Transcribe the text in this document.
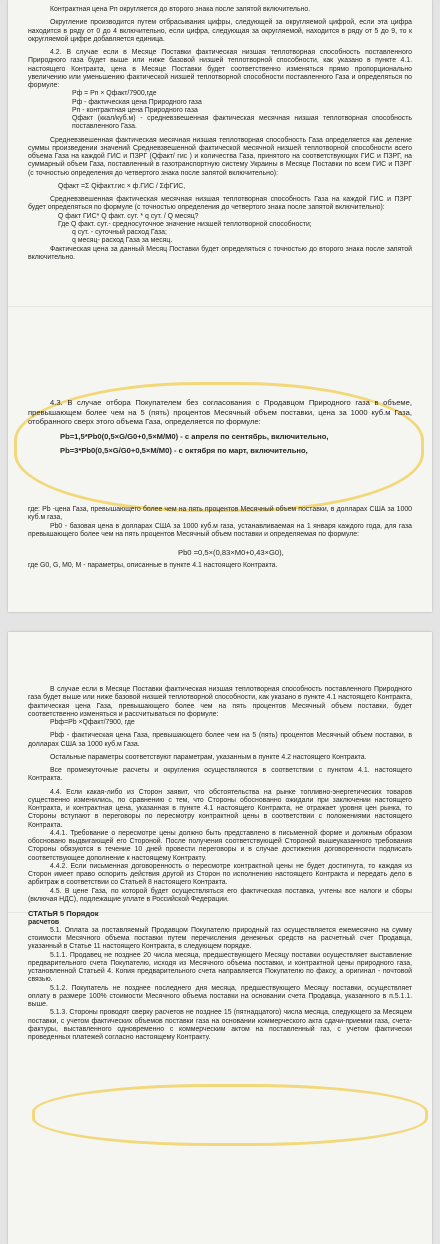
Контрактная цена Pп округляется до второго знака после запятой включительно.

Округление производится путем отбрасывания цифры, следующей за округляемой цифрой, если эта цифра находится в ряду от 0 до 4 включительно, если цифра, следующая за округляемой, находится в ряду от 5 до 9, то к округляемой цифре добавляется единица.

4.2. В случае если в Месяце Поставки фактическая низшая теплотворная способность поставленного Природного газа будет выше или ниже базовой низшей теплотворной способности, как указано в пункте 4.1. настоящего Контракта, цена в Месяце Поставки будет соответственно изменяться прямо пропорционально увеличению или уменьшению фактической низшей теплотворной способности поставленного Газа и определяться по формуле:

Pф = Pп × Qфакт/7900,где

Pф - фактическая цена Природного газа

Pп - контрактная цена Природного газа

Qфакт (ккал/куб.м) - средневзвешенная фактическая месячная низшая теплотворная способность поставленного Газа.

Средневзвешенная фактическая месячная низшая теплотворная способность Газа определяется как деление суммы произведении значений Средневзвешенной фактической месячной низшей теплотворной способности всего объема Газа на каждой ГИС и ПЗРГ (Qфакт/ гис ) и количества Газа, принятого на соответствующих ГИС и ПЗРГ, на суммарный объем Газа, поставленный в газотранспортную систему Украины в Месяце Поставки по всем ГИС и ПЗРГ (с точностью определения до четвертого знака после запятой включительно):

Qфакт =Σ Qiфакт.гис × ф.ГИС / ΣфГИС,

Средневзвешенная фактическая месячная низшая теплотворная способность Газа на каждой ГИС и ПЗРГ будет определяться по формуле (с точностью определения до четвертого знака после запятой включительно):

Q факт ГИС* Q факт. сут. * q сут. / Q месяц?

Где Q факт. сут.- средносуточное значение низшей теплотворной способности;

q сут. - суточный расход Газа;

q месяц- расход Газа за месяц.

Фактическая цена за данный Месяц Поставки будет определяться с точностью до второго знака после запятой включительно.

4.3. В случае отбора Покупателем без согласования с Продавцом Природного газа в объеме, превышающем более чем на 5 (пять) процентов Месячный объем поставки, цена за 1000 куб.м Газа, отобранного сверх этого объема Газа, определяется по формуле:

Pb=1,5*Pb0(0,5×G/G0+0,5×M/M0) - с апреля по сентябрь, включительно,

Pb=3*Pb0(0,5×G/G0+0,5×M/M0) - с октября по март, включительно,

где: Pb -цена Газа, превышающего более чем на пять процентов Месячный объем поставки, в долларах США за 1000 куб.м газа,

Pb0 - базовая цена в долларах США за 1000 куб.м газа, устанавливаемая на 1 января каждого года, для газа превышающего более чем на пять процентов Месячный объем поставки и определяемая по формуле:

Pb0 =0,5×(0,83×M0+0,43×G0),

где G0, G, M0, M - параметры, описанные в пункте 4.1 настоящего Контракта.

В случае если в Месяце Поставки фактическая низшая теплотворная способность поставленного Природного газа будет выше или ниже базовой низшей теплотворной способности, как указано в пункте 4.1 настоящего Контракта, фактическая цена Газа, превышающего более чем на пять процентов Месячный объем поставки, будет соответственно изменяться и рассчитываться по формуле:

Pbф=Pb ×Qфакт/7900, где

Pbф - фактическая цена Газа, превышающего более чем на 5 (пять) процентов Месячный объем поставки, в долларах США за 1000 куб.м Газа.

Остальные параметры соответствуют параметрам, указанным в пункте 4.2 настоящего Контракта.

Все промежуточные расчеты и округления осуществляются в соответствии с пунктом 4.1. настоящего Контракта.

4.4. Если какая-либо из Сторон заявит, что обстоятельства на рынке топливно-энергетических товаров существенно изменились, по сравнению с тем, что Стороны обоснованно ожидали при заключении настоящего Контракта, и контрактная цена, указанная в пункте 4.1 настоящего Контракта, не отражает уровня цен рынка, то Стороны вступают в переговоры по пересмотру контрактной цены в соответствии с положениями настоящего Контракта.

4.4.1. Требование о пересмотре цены должно быть представлено в письменной форме и должным образом обосновано выдвигающей его Стороной. После получения соответствующей Стороной вышеуказанного требования Стороны обязуются в течение 10 дней провести переговоры и в случае достижения договоренности подписать соответствующее дополнение к настоящему Контракту.

4.4.2. Если письменная договоренность о пересмотре контрактной цены не будет достигнута, то каждая из Сторон имеет право оспорить действия другой из Сторон по исполнению настоящего Контракта и передать дело в арбитраж в соответствии со Статьей 8 настоящего Контракта.

4.5. В цене Газа, по которой будет осуществляться его фактическая поставка, учтены все налоги и сборы (включая НДС), подлежащие уплате в Российской Федерации.

СТАТЬЯ 5 Порядок

расчетов

5.1. Оплата за поставляемый Продавцом Покупателю природный газ осуществляется ежемесячно на сумму стоимости Месячного объема поставки путем перечисления денежных средств на расчетный счет Продавца, указанный в Статье 11 настоящего Контракта, в следующем порядке.

5.1.1. Продавец не позднее 20 числа месяца, предшествующего Месяцу поставки осуществляет выставление предварительного счета Покупателю, исходя из Месячного объема поставки, и контрактной цены природного газа, установленной Статьей 4. Копия предварительного счета направляется Покупателю по факсу, а оригинал - почтовой связью.

5.1.2. Покупатель не позднее последнего дня месяца, предшествующего Месяцу поставки, осуществляет оплату в размере 100% стоимости Месячного объема поставки на основании счета Продавца, указанного в п.5.1.1. выше.

5.1.3. Стороны проводят сверку расчетов не позднее 15 (пятнадцатого) числа месяца, следующего за Месяцем поставки, с учетом фактических объемов поставки газа на основании коммерческого акта сдачи-приемки газа, счета-фактуры, выставленного одновременно с коммерческим актом на поставленный газ, с учетом фактически проведенных платежей согласно настоящему Контракту.
